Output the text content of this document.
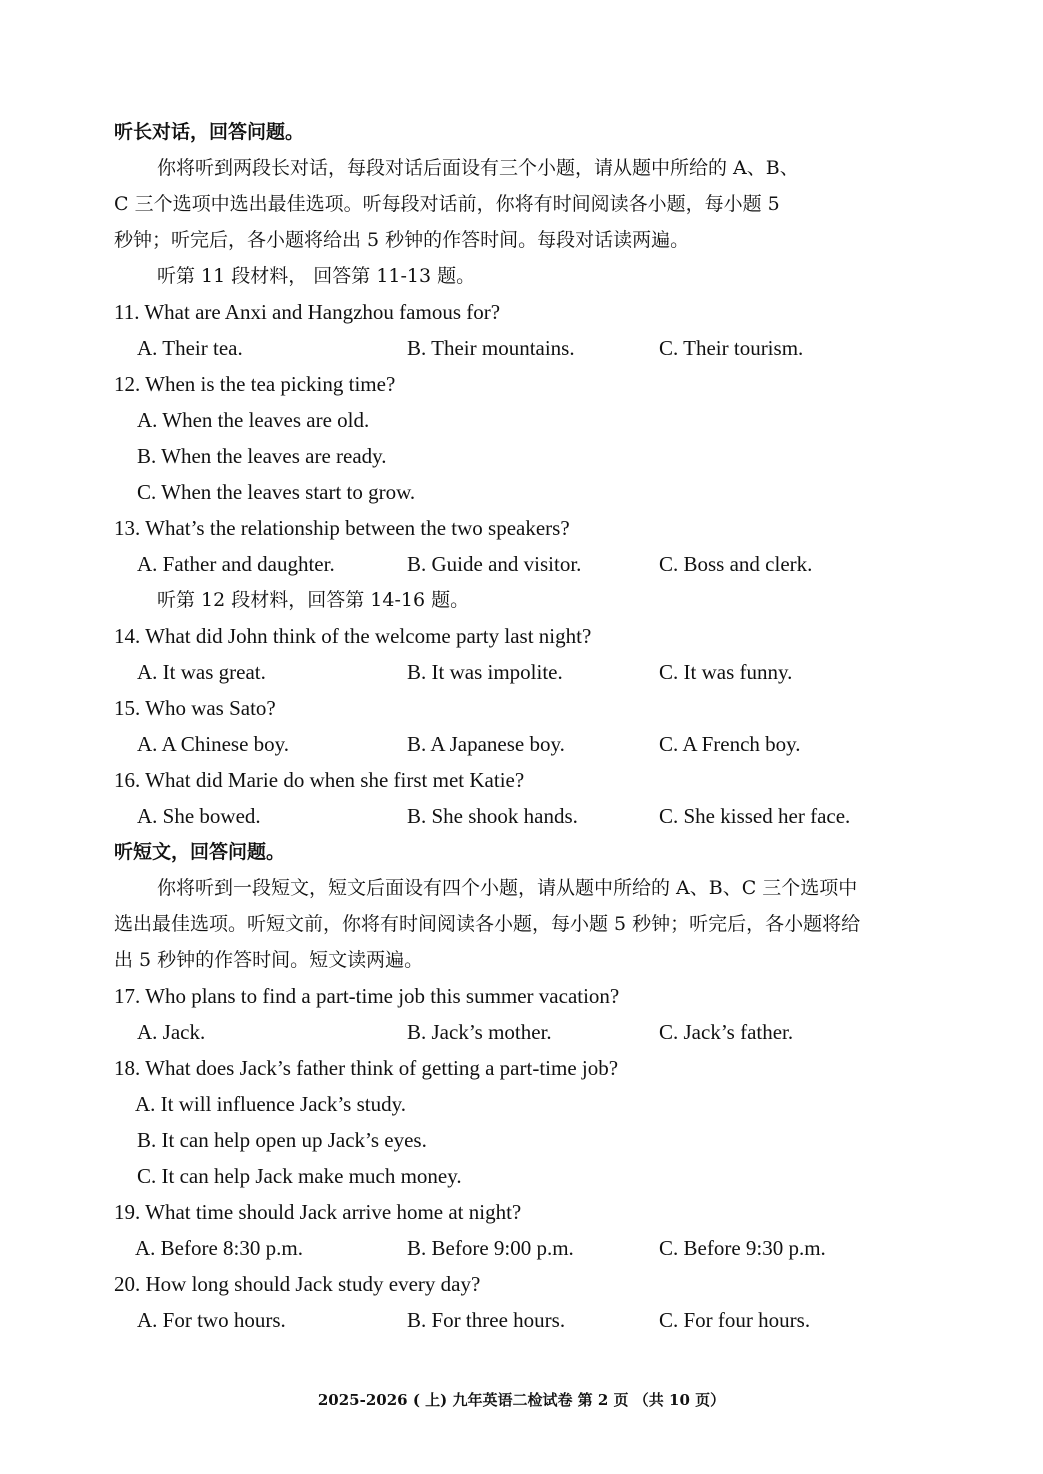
听长对话，回答问题。
你将听到两段长对话，每段对话后面设有三个小题，请从题中所给的 A、B、
C 三个选项中选出最佳选项。听每段对话前，你将有时间阅读各小题，每小题 5
秒钟；听完后，各小题将给出 5 秒钟的作答时间。每段对话读两遍。
听第 11 段材料， 回答第 11-13 题。
11. What are Anxi and Hangzhou famous for?
A. Their tea.	B. Their mountains.	C. Their tourism.
12. When is the tea picking time?
A. When the leaves are old.
B. When the leaves are ready.
C. When the leaves start to grow.
13. What’s the relationship between the two speakers?
A. Father and daughter.	B. Guide and visitor.	C. Boss and clerk.
听第 12 段材料，回答第 14-16 题。
14. What did John think of the welcome party last night?
A. It was great.	B. It was impolite.	C. It was funny.
15. Who was Sato?
A. A Chinese boy.	B. A Japanese boy.	C. A French boy.
16. What did Marie do when she first met Katie?
A. She bowed.	B. She shook hands.	C. She kissed her face.
听短文，回答问题。
你将听到一段短文，短文后面设有四个小题，请从题中所给的 A、B、C 三个选项中
选出最佳选项。听短文前，你将有时间阅读各小题，每小题 5 秒钟；听完后，各小题将给
出 5 秒钟的作答时间。短文读两遍。
17. Who plans to find a part-time job this summer vacation?
A. Jack.	B. Jack’s mother.	C. Jack’s father.
18. What does Jack’s father think of getting a part-time job?
A. It will influence Jack’s study.
B. It can help open up Jack’s eyes.
C. It can help Jack make much money.
19. What time should Jack arrive home at night?
A. Before 8:30 p.m.	B. Before 9:00 p.m.	C. Before 9:30 p.m.
20. How long should Jack study every day?
A. For two hours.	B. For three hours.	C. For four hours.
2025-2026 ( 上) 九年英语二检试卷 第 2 页 （共 10 页）
